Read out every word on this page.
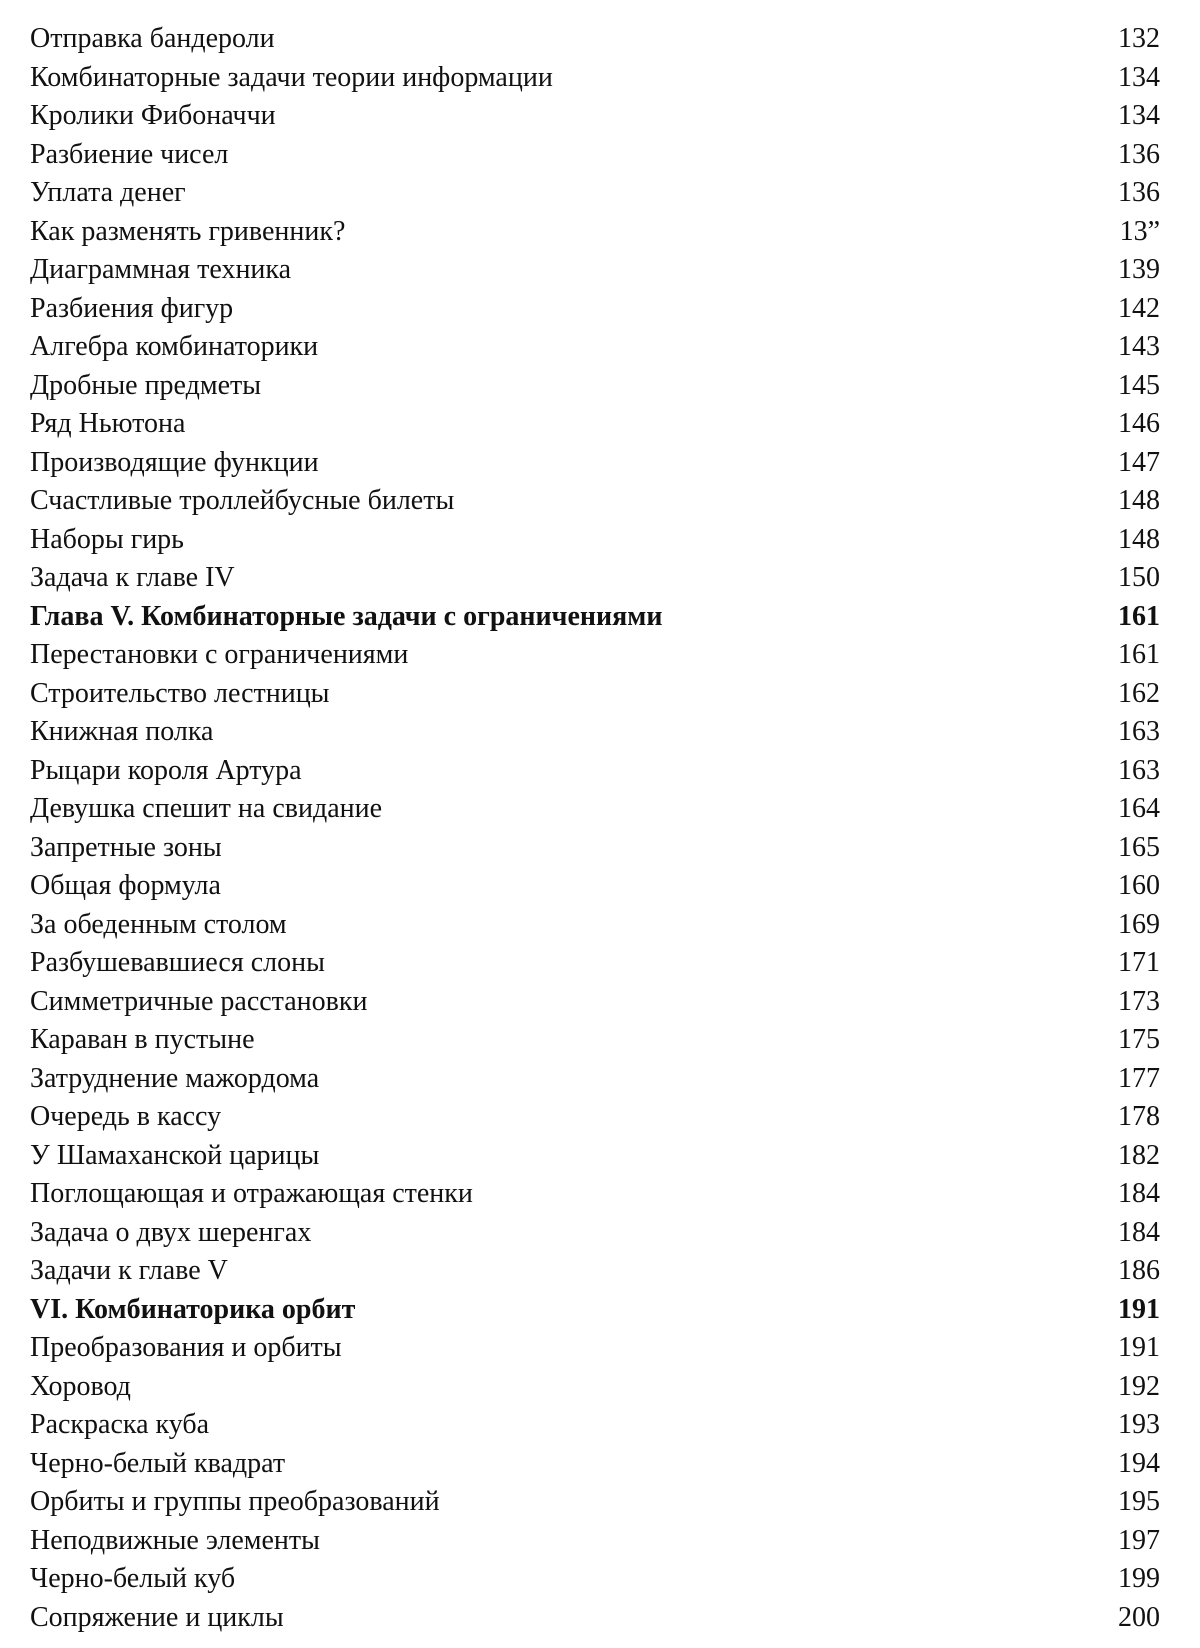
Отправка бандероли	132
Комбинаторные задачи теории информации	134
Кролики Фибоначчи	134
Разбиение чисел	136
Уплата денег	136
Как разменять гривенник?	13”
Диаграммная техника	139
Разбиения фигур	142
Алгебра комбинаторики	143
Дробные предметы	145
Ряд Ньютона	146
Производящие функции	147
Счастливые троллейбусные билеты	148
Наборы гирь	148
Задача к главе IV	150
Глава V. Комбинаторные задачи с ограничениями	161
Перестановки с ограничениями	161
Строительство лестницы	162
Книжная полка	163
Рыцари короля Артура	163
Девушка спешит на свидание	164
Запретные зоны	165
Общая формула	160
За обеденным столом	169
Разбушевавшиеся слоны	171
Симметричные расстановки	173
Караван в пустыне	175
Затруднение мажордома	177
Очередь в кассу	178
У Шамаханской царицы	182
Поглощающая и отражающая стенки	184
Задача о двух шеренгах	184
Задачи к главе V	186
VI. Комбинаторика орбит	191
Преобразования и орбиты	191
Хоровод	192
Раскраска куба	193
Черно-белый квадрат	194
Орбиты и группы преобразований	195
Неподвижные элементы	197
Черно-белый куб	199
Сопряжение и циклы	200
